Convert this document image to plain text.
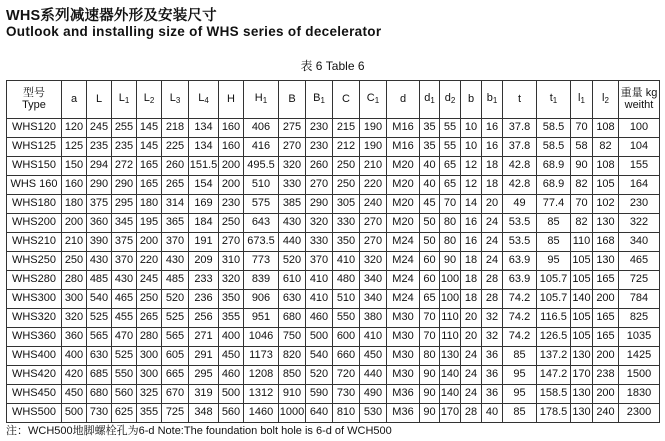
WHS系列减速器外形及安装尺寸
Outlook and installing size of WHS series of decelerator
表 6 Table 6
型号
Type	a	L	$L_1$	$L_2$	$L_3$	$L_4$	H	$H_1$	B	$B_1$	C	$C_1$	d	$d_1$	$d_2$	b	$b_1$	t	$t_1$	$l_1$	$l_2$	重量 kg
weitht
WHS120	120	245	255	145	218	134	160	406	275	230	215	190	M16	35	55	10	16	37.8	58.5	70	108	100
WHS125	125	235	235	145	225	134	160	416	270	230	212	190	M16	35	55	10	16	37.8	58.5	58	82	104
WHS150	150	294	272	165	260	151.5	200	495.5	320	260	250	210	M20	40	65	12	18	42.8	68.9	90	108	155
WHS 160	160	290	290	165	265	154	200	510	330	270	250	220	M20	40	65	12	18	42.8	68.9	82	105	164
WHS180	180	375	295	180	314	169	230	575	385	290	305	240	M20	45	70	14	20	49	77.4	70	102	230
WHS200	200	360	345	195	365	184	250	643	430	320	330	270	M20	50	80	16	24	53.5	85	82	130	322
WHS210	210	390	375	200	370	191	270	673.5	440	330	350	270	M24	50	80	16	24	53.5	85	110	168	340
WHS250	250	430	370	220	430	209	310	773	520	370	410	320	M24	60	90	18	24	63.9	95	105	130	465
WHS280	280	485	430	245	485	233	320	839	610	410	480	340	M24	60	100	18	28	63.9	105.7	105	165	725
WHS300	300	540	465	250	520	236	350	906	630	410	510	340	M24	65	100	18	28	74.2	105.7	140	200	784
WHS320	320	525	455	265	525	256	355	951	680	460	550	380	M30	70	110	20	32	74.2	116.5	105	165	825
WHS360	360	565	470	280	565	271	400	1046	750	500	600	410	M30	70	110	20	32	74.2	126.5	105	165	1035
WHS400	400	630	525	300	605	291	450	1173	820	540	660	450	M30	80	130	24	36	85	137.2	130	200	1425
WHS420	420	685	550	300	665	295	460	1208	850	520	720	440	M30	90	140	24	36	95	147.2	170	238	1500
WHS450	450	680	560	325	670	319	500	1312	910	590	730	490	M36	90	140	24	36	95	158.5	130	200	1830
WHS500	500	730	625	355	725	348	560	1460	1000	640	810	530	M36	90	170	28	40	85	178.5	130	240	2300
注：WCH500地脚螺栓孔为6-d Note:The foundation bolt hole is 6-d of WCH500
